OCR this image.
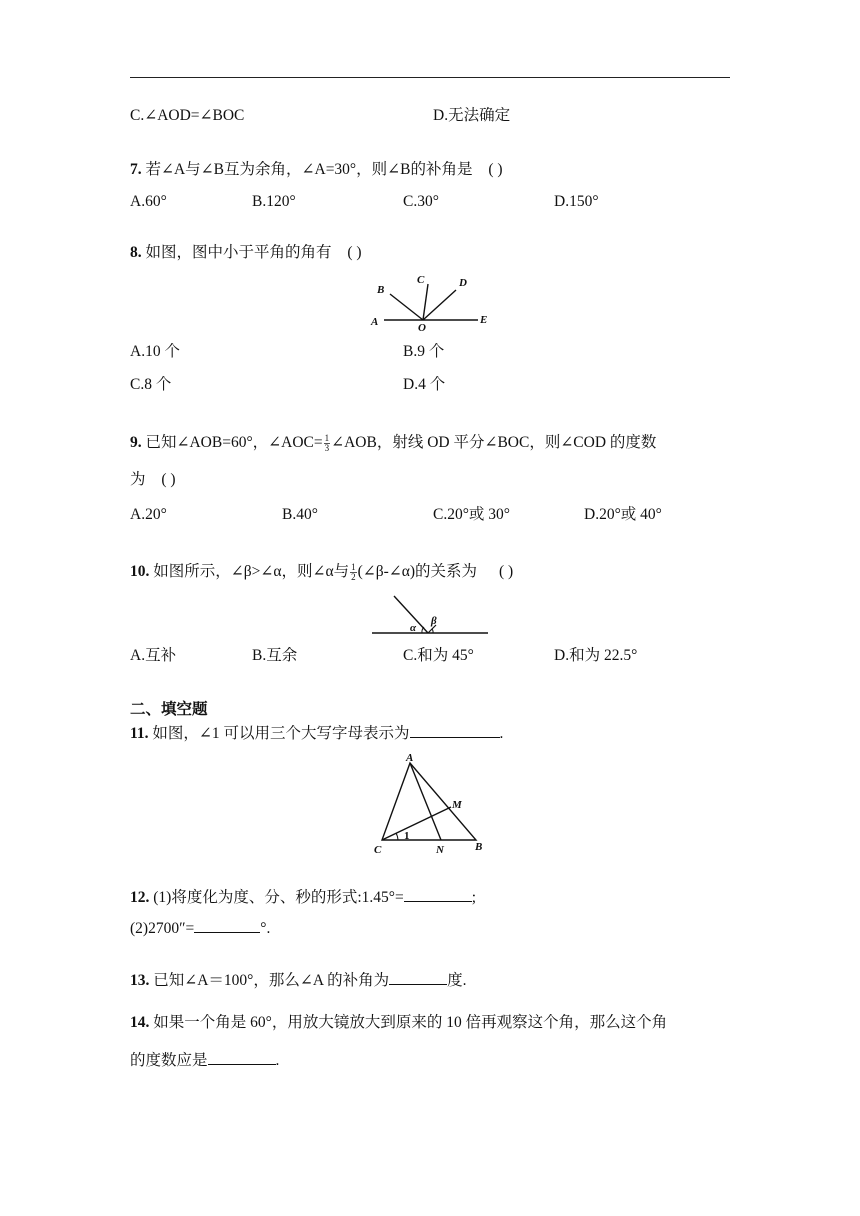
C.∠AOD=∠BOC	D.无法确定
7. 若∠A与∠B互为余角，∠A=30°，则∠B的补角是 ( )
A.60°	B.120°	C.30°	D.150°
8. 如图，图中小于平角的角有 ( )
A
B
C	D
E
O
A.10 个	B.9 个
C.8 个	D.4 个
9. 已知∠AOB=60°，∠AOC= $\frac{1}{3}$ ∠AOB，射线 OD 平分∠BOC，则∠COD 的度数
为 ( )
A.20°	B.40°	C.20°或 30°	D.20°或 40°
10. 如图所示，∠β>∠α，则∠α与 $\frac{1}{2}$ (∠β-∠α)的关系为 ( )
α
β
A.互补	B.互余	C.和为 45°	D.和为 22.5°
二、填空题
11. 如图，∠1 可以用三个大写字母表示为	.
A
M
1
C	N	B
12. (1)将度化为度、分、秒的形式:1.45°=	;
(2)2700″=	°.
13. 已知∠A＝100°，那么∠A 的补角为	度.
14. 如果一个角是 60°，用放大镜放大到原来的 10 倍再观察这个角，那么这个角
的度数应是	.
